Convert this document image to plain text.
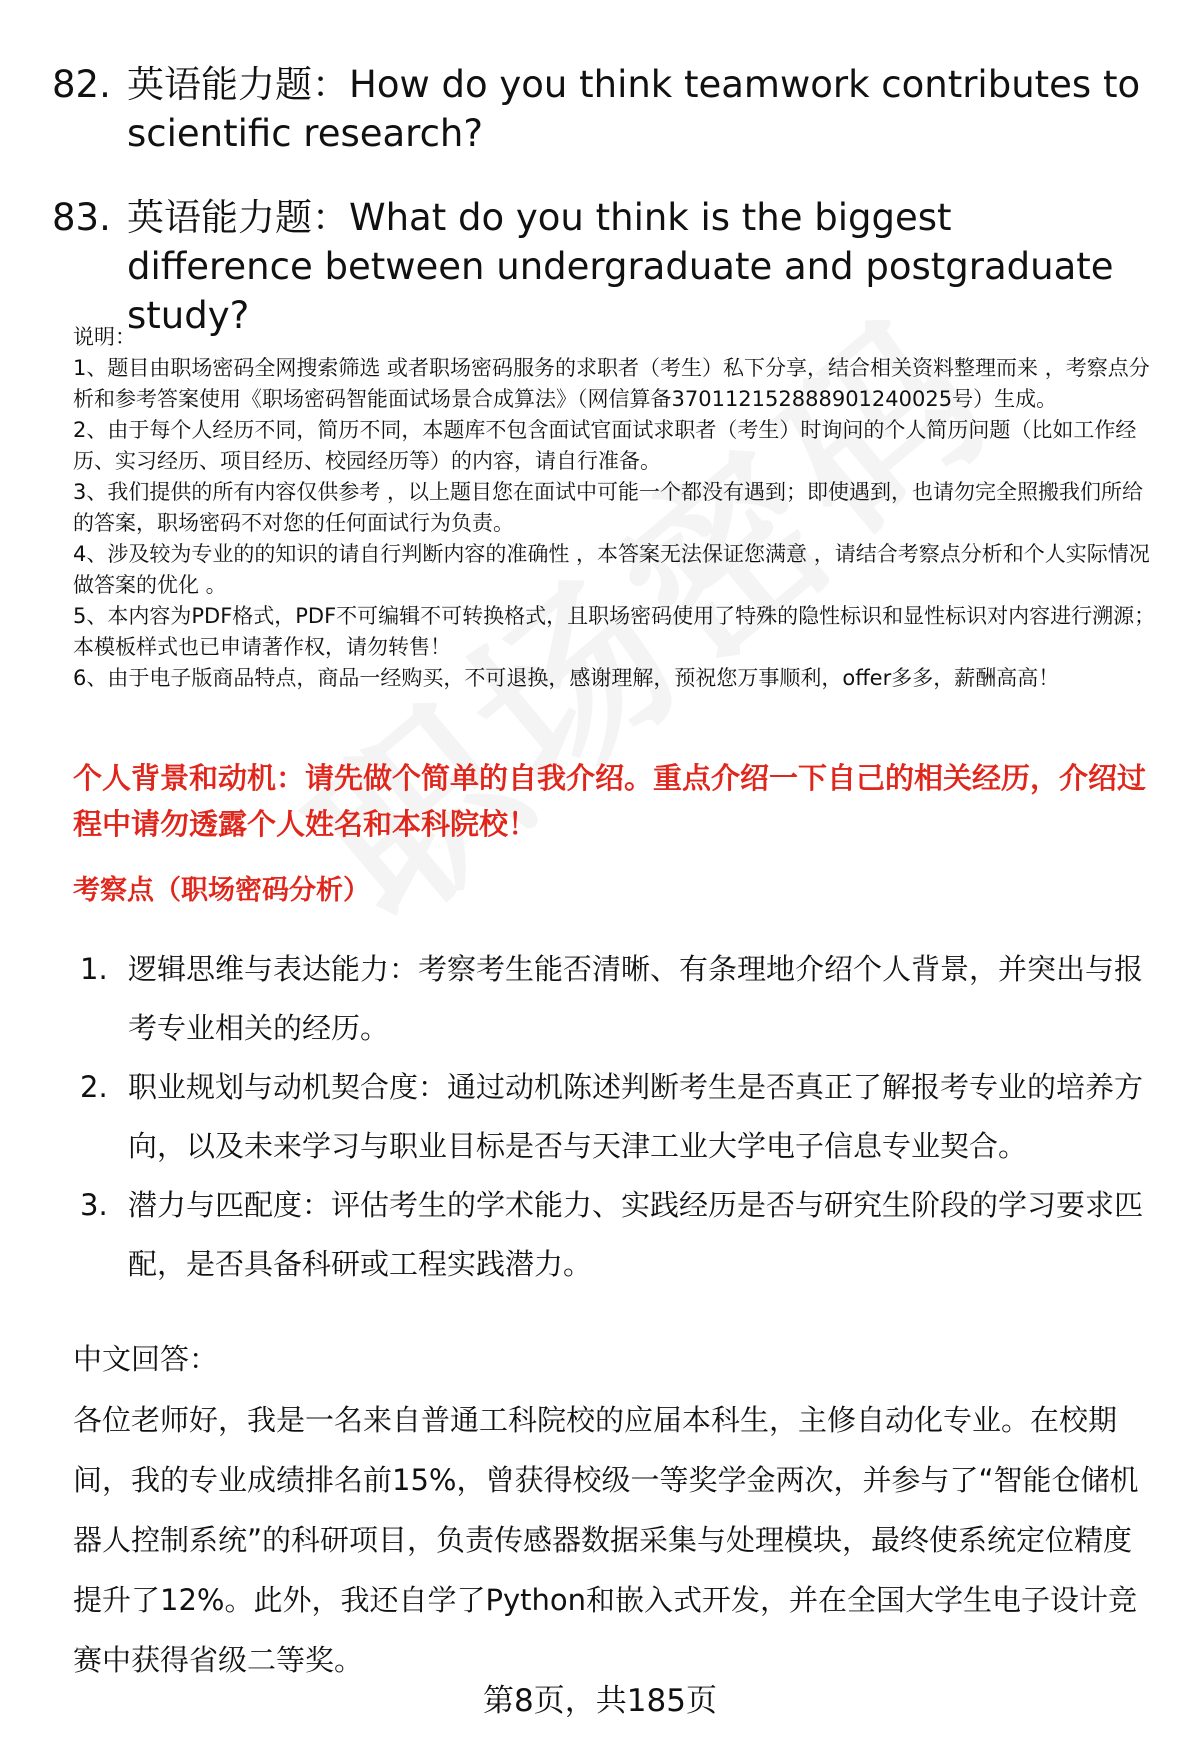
82. 英语能力题：How do you think teamwork contributes to scientific research?
83. 英语能力题：What do you think is the biggest difference between undergraduate and postgraduate study?

说明：

1、题目由职场密码全网搜索筛选 或者职场密码服务的求职者（考生）私下分享，结合相关资料整理而来 ，考察点分析和参考答案使用《职场密码智能面试场景合成算法》（网信算备370112152888901240025号）生成。

2、由于每个人经历不同，简历不同，本题库不包含面试官面试求职者（考生）时询问的个人简历问题（比如工作经历、实习经历、项目经历、校园经历等）的内容，请自行准备。

3、我们提供的所有内容仅供参考 ，以上题目您在面试中可能一个都没有遇到；即使遇到，也请勿完全照搬我们所给的答案，职场密码不对您的任何面试行为负责。

4、涉及较为专业的的知识的请自行判断内容的准确性 ，本答案无法保证您满意 ，请结合考察点分析和个人实际情况做答案的优化 。

5、本内容为PDF格式，PDF不可编辑不可转换格式，且职场密码使用了特殊的隐性标识和显性标识对内容进行溯源；本模板样式也已申请著作权，请勿转售！

6、由于电子版商品特点，商品一经购买，不可退换，感谢理解，预祝您万事顺利，offer多多，薪酬高高！

个人背景和动机：请先做个简单的自我介绍。重点介绍一下自己的相关经历，介绍过程中请勿透露个人姓名和本科院校！
考察点（职场密码分析）
1. 逻辑思维与表达能力：考察考生能否清晰、有条理地介绍个人背景，并突出与报考专业相关的经历。
2. 职业规划与动机契合度：通过动机陈述判断考生是否真正了解报考专业的培养方向，以及未来学习与职业目标是否与天津工业大学电子信息专业契合。
3. 潜力与匹配度：评估考生的学术能力、实践经历是否与研究生阶段的学习要求匹配，是否具备科研或工程实践潜力。
中文回答：

各位老师好，我是一名来自普通工科院校的应届本科生，主修自动化专业。在校期间，我的专业成绩排名前15%，曾获得校级一等奖学金两次，并参与了“智能仓储机器人控制系统”的科研项目，负责传感器数据采集与处理模块，最终使系统定位精度提升了12%。此外，我还自学了Python和嵌入式开发，并在全国大学生电子设计竞赛中获得省级二等奖。

第8页，共185页
